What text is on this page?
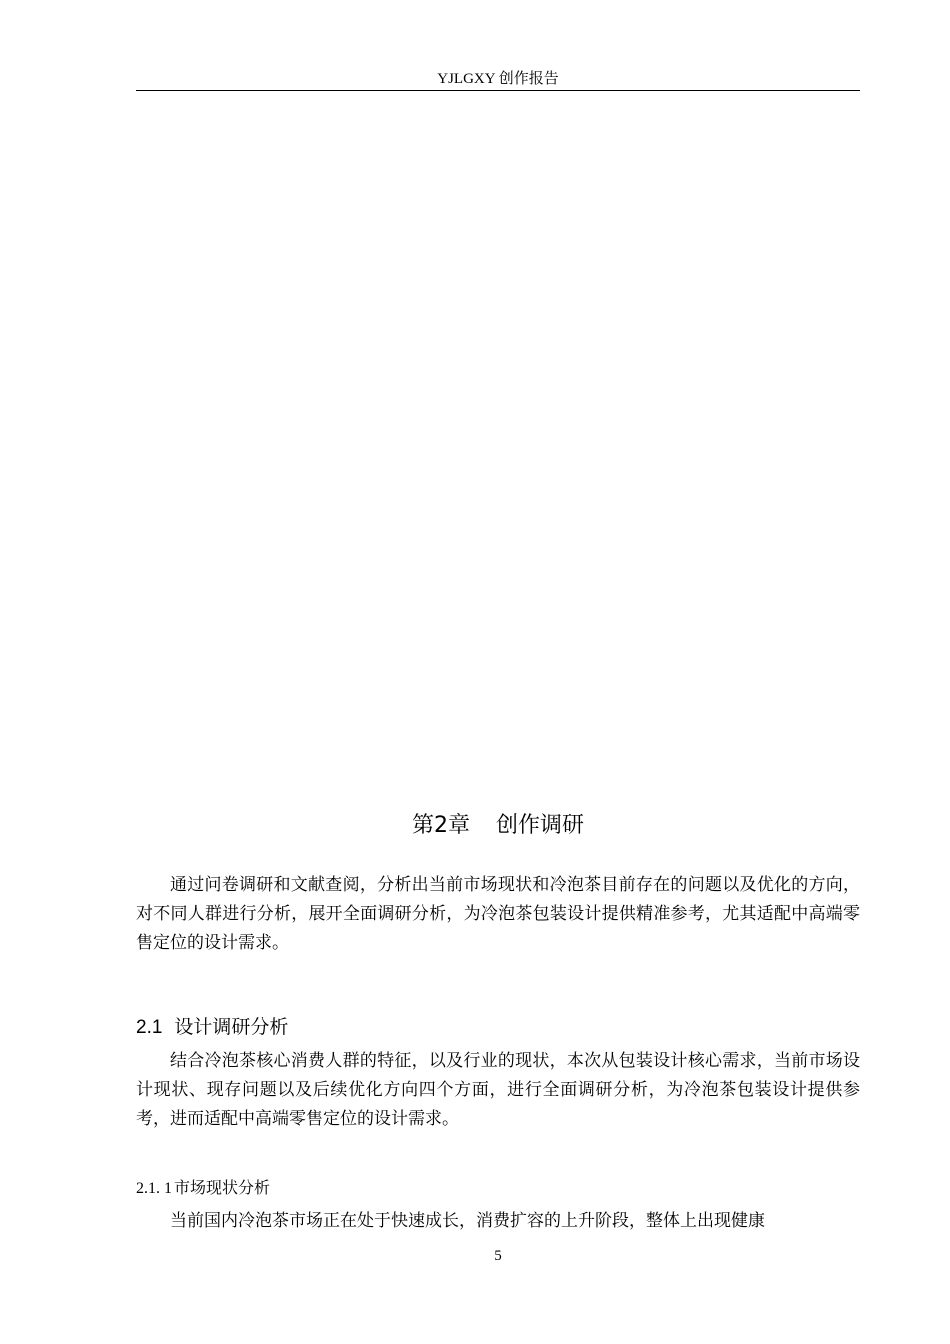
YJLGXY 创作报告
第2章 创作调研

通过问卷调研和文献查阅，分析出当前市场现状和冷泡茶目前存在的问题以及优化的方向，对不同人群进行分析，展开全面调研分析，为冷泡茶包装设计提供精准参考，尤其适配中高端零售定位的设计需求。

2.1 设计调研分析

结合冷泡茶核心消费人群的特征，以及行业的现状，本次从包装设计核心需求，当前市场设计现状、现存问题以及后续优化方向四个方面，进行全面调研分析，为冷泡茶包装设计提供参考，进而适配中高端零售定位的设计需求。

2.1. 1 市场现状分析

当前国内冷泡茶市场正在处于快速成长，消费扩容的上升阶段，整体上出现健康

5
